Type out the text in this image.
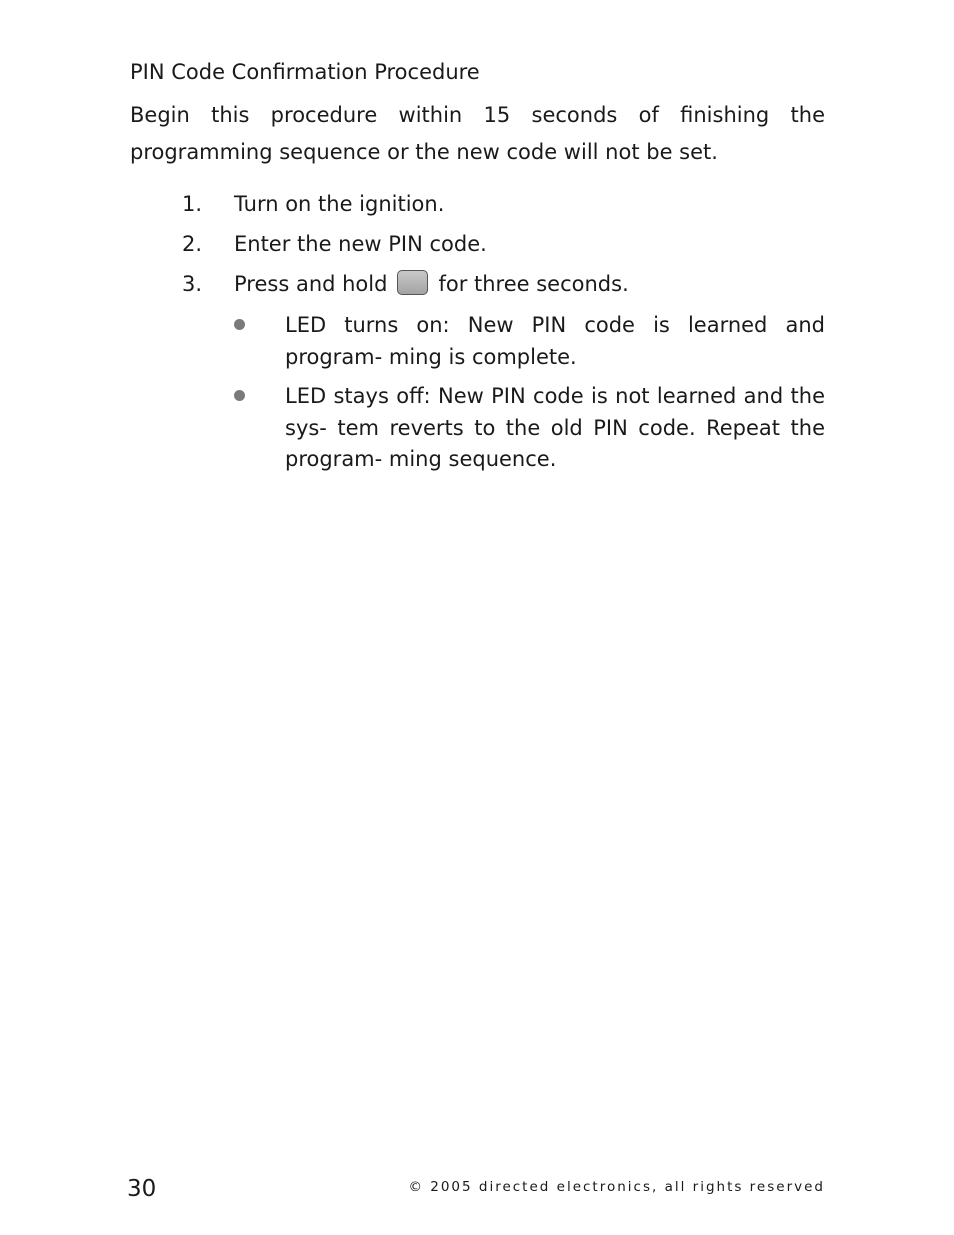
PIN Code Confirmation Procedure
Begin this procedure within 15 seconds of finishing the programming sequence or the new code will not be set.
1. Turn on the ignition.
2. Enter the new PIN code.
3. Press and hold for three seconds.
LED turns on: New PIN code is learned and program- ming is complete.
LED stays off: New PIN code is not learned and the sys- tem reverts to the old PIN code. Repeat the program- ming sequence.
30	© 2005 directed electronics, all rights reserved
